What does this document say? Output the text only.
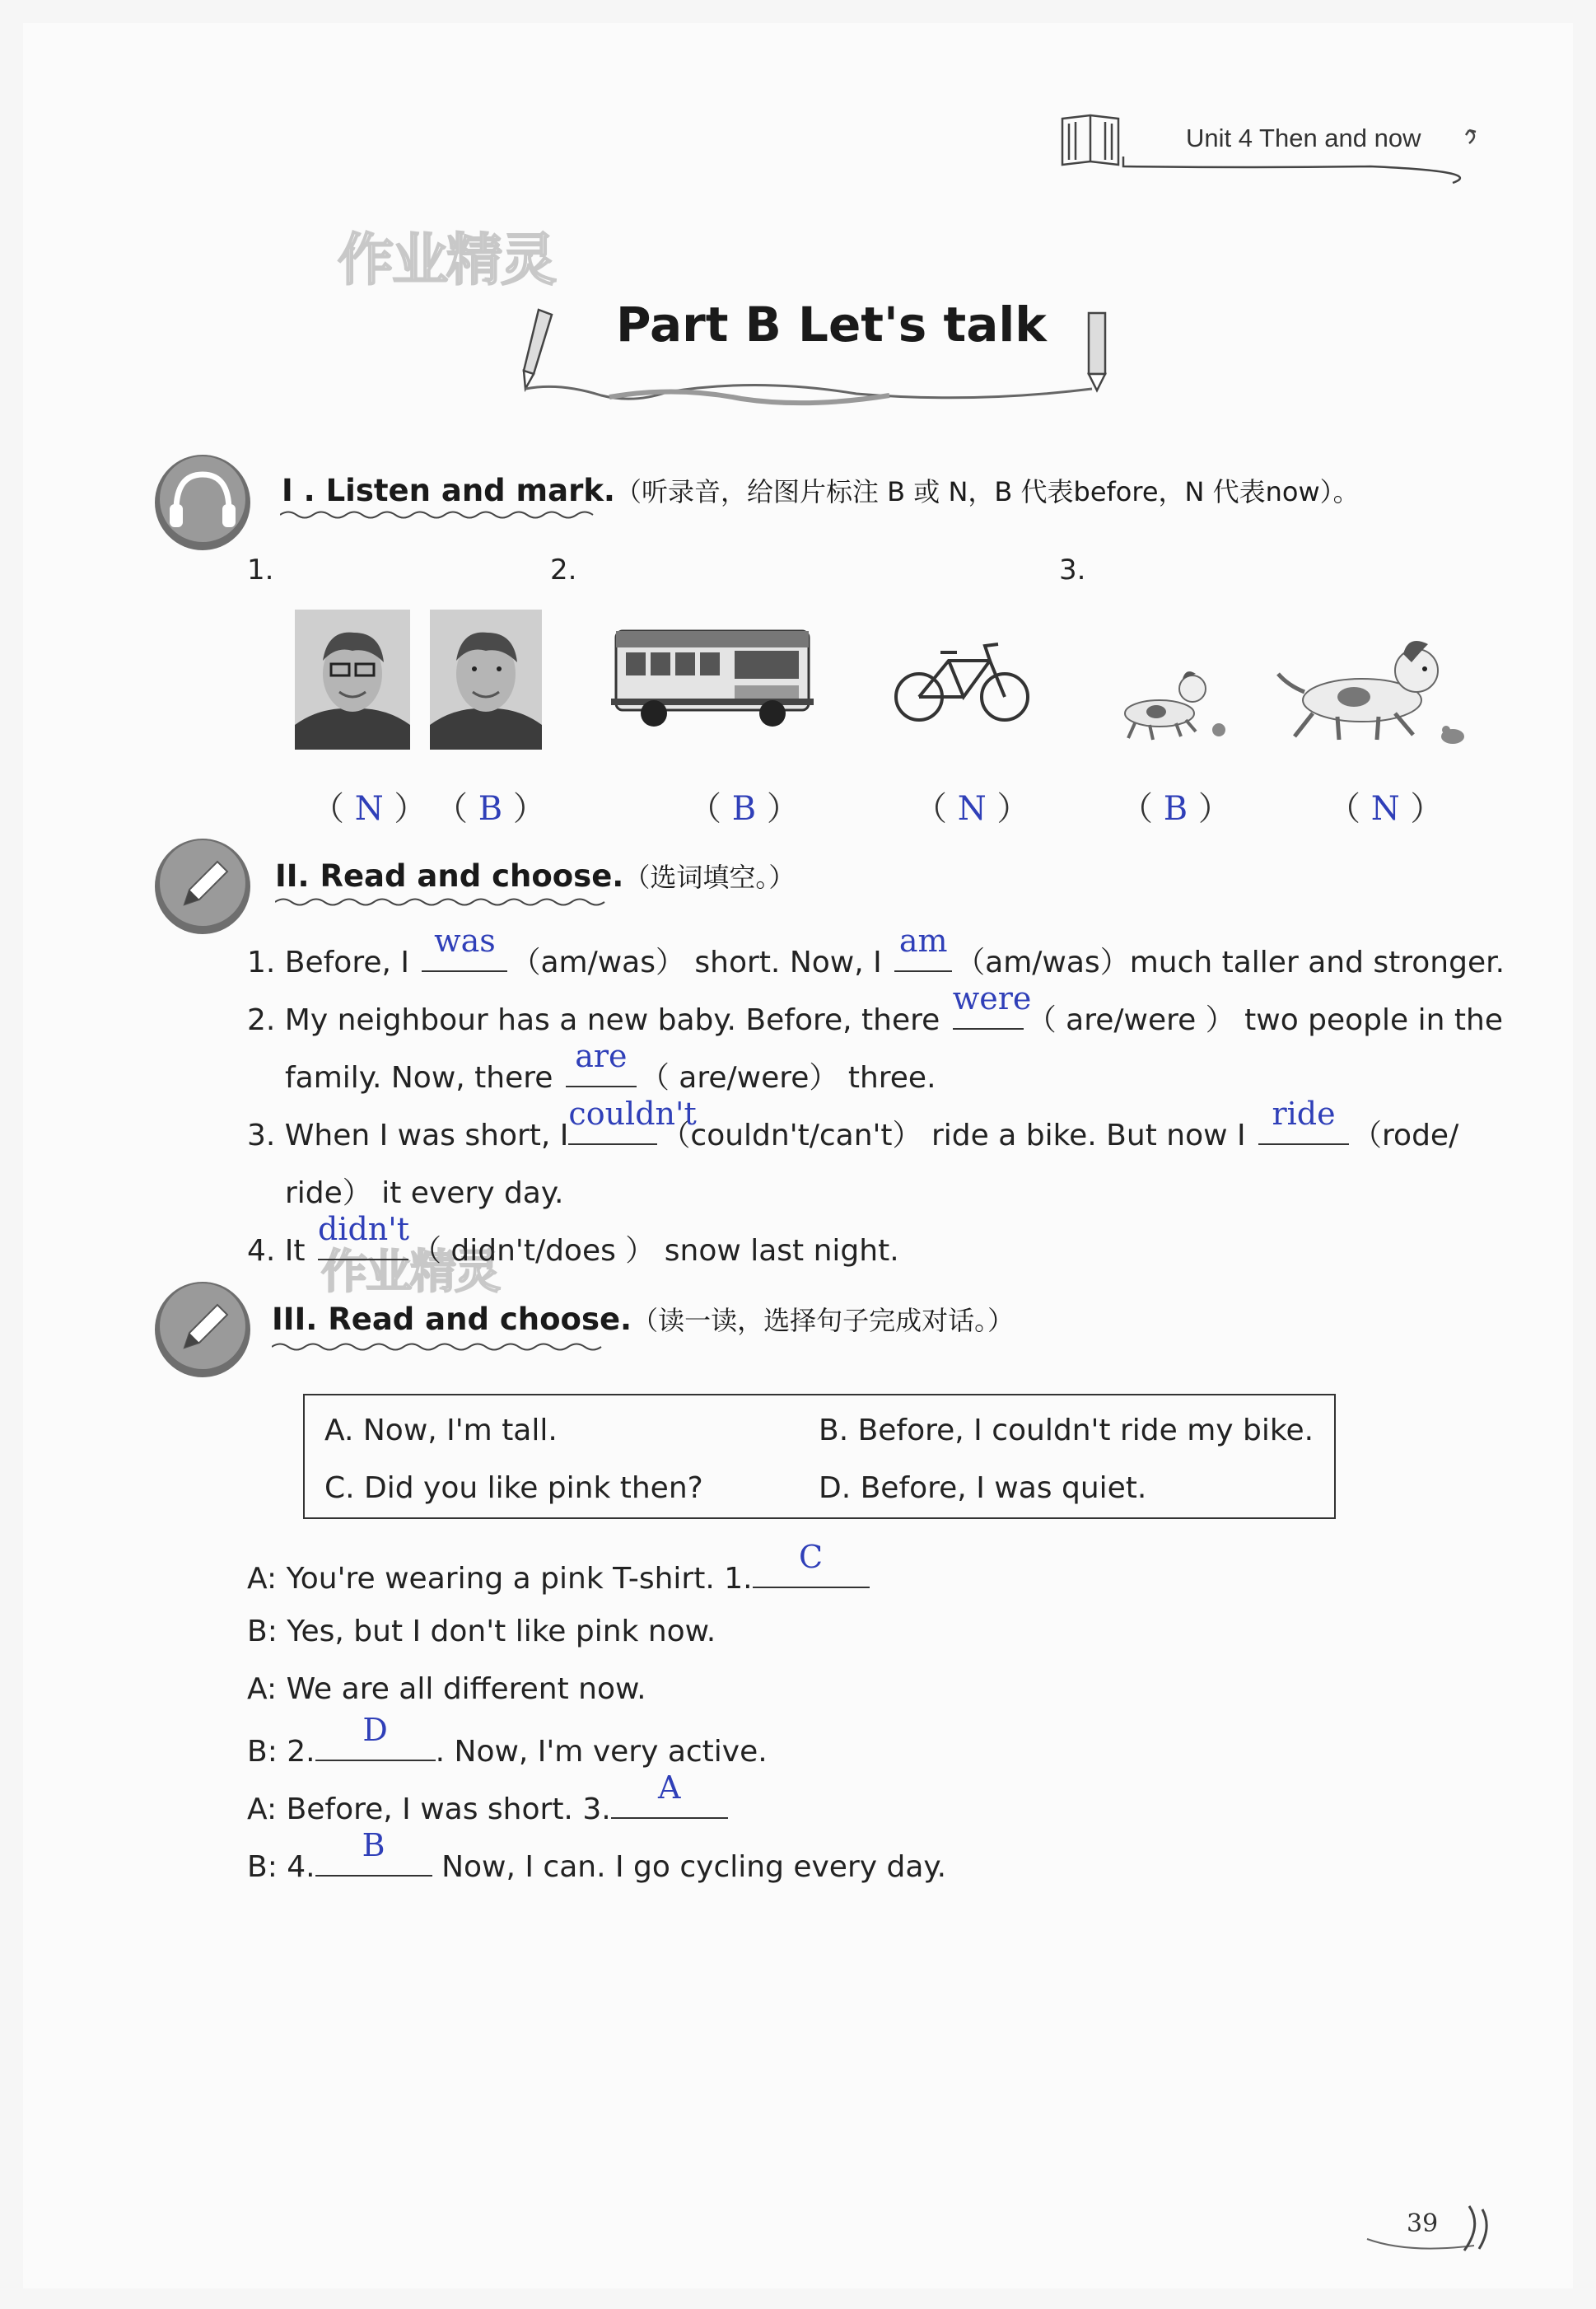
Unit 4 Then and now
作业精灵
作业精灵
Part B Let's talk
I . Listen and mark.（听录音，给图片标注 B 或 N，B 代表before，N 代表now）。
1.	2.	3.
（ N ） （ B ）	（ B ）	（ N ）	（ B ）	（ N ）
II. Read and choose.（选词填空。）
1. Before, I
was
（am/was） short. Now, I
am
（am/was）much taller and stronger.
2. My neighbour has a new baby. Before, there
were
（ are/were ） two people in the
family. Now, there
are
（ are/were） three.
3. When I was short, I
couldn't
（couldn't/can't） ride a bike. But now I
ride
（rode/
ride） it every day.
4. It
didn't
（ didn't/does ） snow last night.
III. Read and choose.（读一读，选择句子完成对话。）
A. Now, I'm tall.	B. Before, I couldn't ride my bike.
C. Did you like pink then?	D. Before, I was quiet.
A: You're wearing a pink T-shirt. 1.
C
B: Yes, but I don't like pink now.
A: We are all different now.
B: 2.
D
. Now, I'm very active.
A: Before, I was short. 3.
A
B: 4.
B
Now, I can. I go cycling every day.
39
